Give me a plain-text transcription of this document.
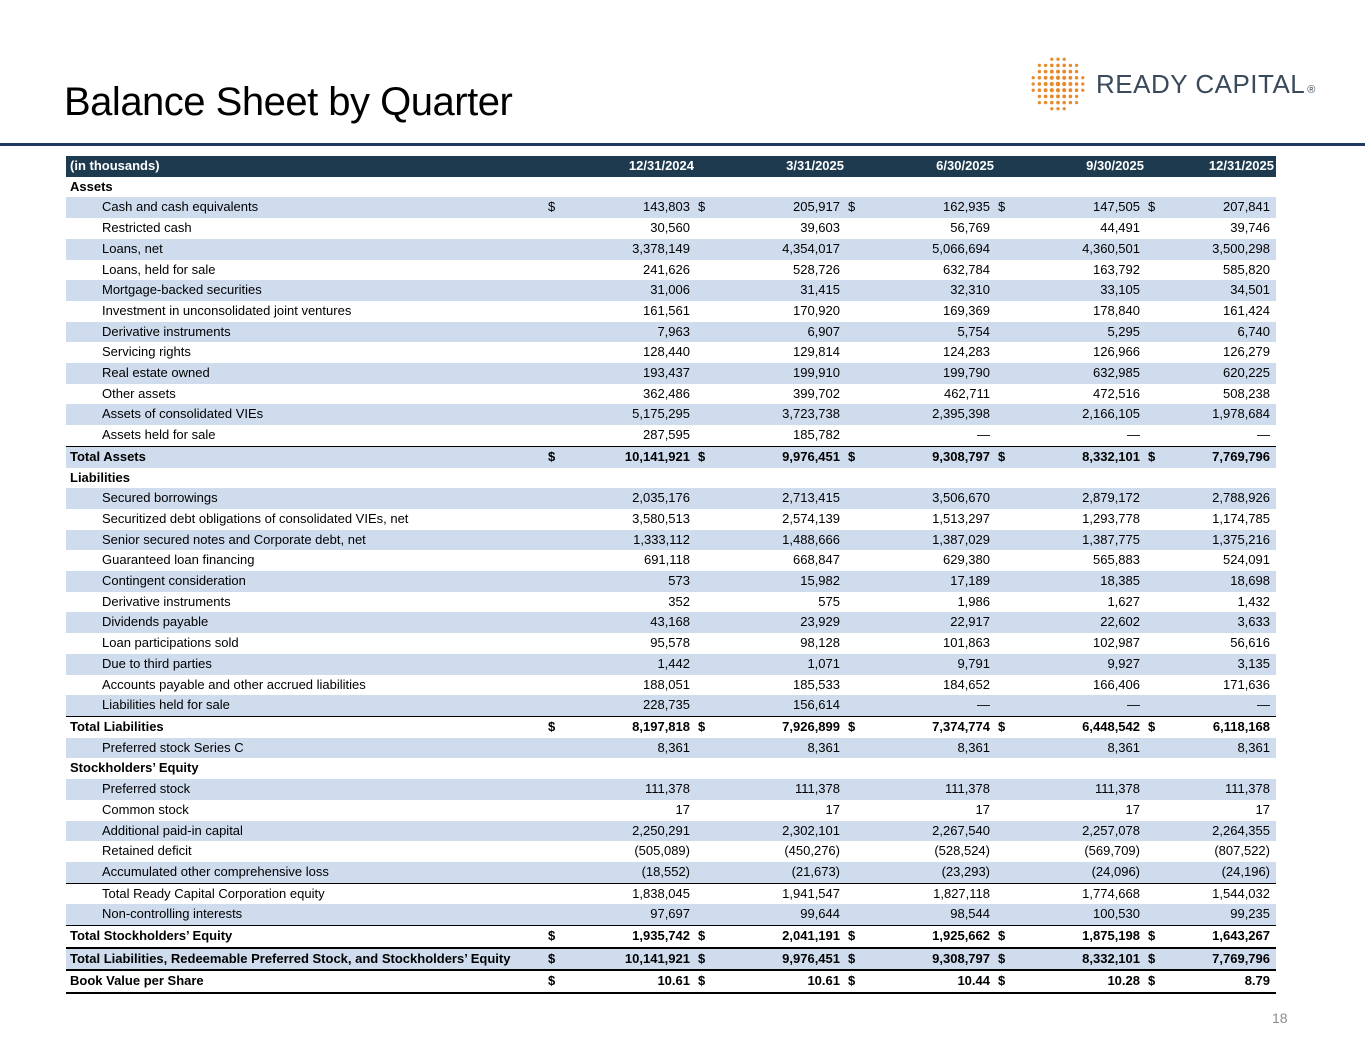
Balance Sheet by Quarter	READY CAPITAL ®
(in thousands)		12/31/2024		3/31/2025		6/30/2025		9/30/2025		12/31/2025
Assets										
Cash and cash equivalents	$	143,803	$	205,917	$	162,935	$	147,505	$	207,841
Restricted cash		30,560		39,603		56,769		44,491		39,746
Loans, net		3,378,149		4,354,017		5,066,694		4,360,501		3,500,298
Loans, held for sale		241,626		528,726		632,784		163,792		585,820
Mortgage-backed securities		31,006		31,415		32,310		33,105		34,501
Investment in unconsolidated joint ventures		161,561		170,920		169,369		178,840		161,424
Derivative instruments		7,963		6,907		5,754		5,295		6,740
Servicing rights		128,440		129,814		124,283		126,966		126,279
Real estate owned		193,437		199,910		199,790		632,985		620,225
Other assets		362,486		399,702		462,711		472,516		508,238
Assets of consolidated VIEs		5,175,295		3,723,738		2,395,398		2,166,105		1,978,684
Assets held for sale		287,595		185,782		—		—		—
Total Assets	$	10,141,921	$	9,976,451	$	9,308,797	$	8,332,101	$	7,769,796
Liabilities										
Secured borrowings		2,035,176		2,713,415		3,506,670		2,879,172		2,788,926
Securitized debt obligations of consolidated VIEs, net		3,580,513		2,574,139		1,513,297		1,293,778		1,174,785
Senior secured notes and Corporate debt, net		1,333,112		1,488,666		1,387,029		1,387,775		1,375,216
Guaranteed loan financing		691,118		668,847		629,380		565,883		524,091
Contingent consideration		573		15,982		17,189		18,385		18,698
Derivative instruments		352		575		1,986		1,627		1,432
Dividends payable		43,168		23,929		22,917		22,602		3,633
Loan participations sold		95,578		98,128		101,863		102,987		56,616
Due to third parties		1,442		1,071		9,791		9,927		3,135
Accounts payable and other accrued liabilities		188,051		185,533		184,652		166,406		171,636
Liabilities held for sale		228,735		156,614		—		—		—
Total Liabilities	$	8,197,818	$	7,926,899	$	7,374,774	$	6,448,542	$	6,118,168
Preferred stock Series C		8,361		8,361		8,361		8,361		8,361
Stockholders’ Equity										
Preferred stock		111,378		111,378		111,378		111,378		111,378
Common stock		17		17		17		17		17
Additional paid-in capital		2,250,291		2,302,101		2,267,540		2,257,078		2,264,355
Retained deficit		(505,089)		(450,276)		(528,524)		(569,709)		(807,522)
Accumulated other comprehensive loss		(18,552)		(21,673)		(23,293)		(24,096)		(24,196)
Total Ready Capital Corporation equity		1,838,045		1,941,547		1,827,118		1,774,668		1,544,032
Non-controlling interests		97,697		99,644		98,544		100,530		99,235
Total Stockholders’ Equity	$	1,935,742	$	2,041,191	$	1,925,662	$	1,875,198	$	1,643,267
Total Liabilities, Redeemable Preferred Stock, and Stockholders’ Equity	$	10,141,921	$	9,976,451	$	9,308,797	$	8,332,101	$	7,769,796
Book Value per Share	$	10.61	$	10.61	$	10.44	$	10.28	$	8.79
18
